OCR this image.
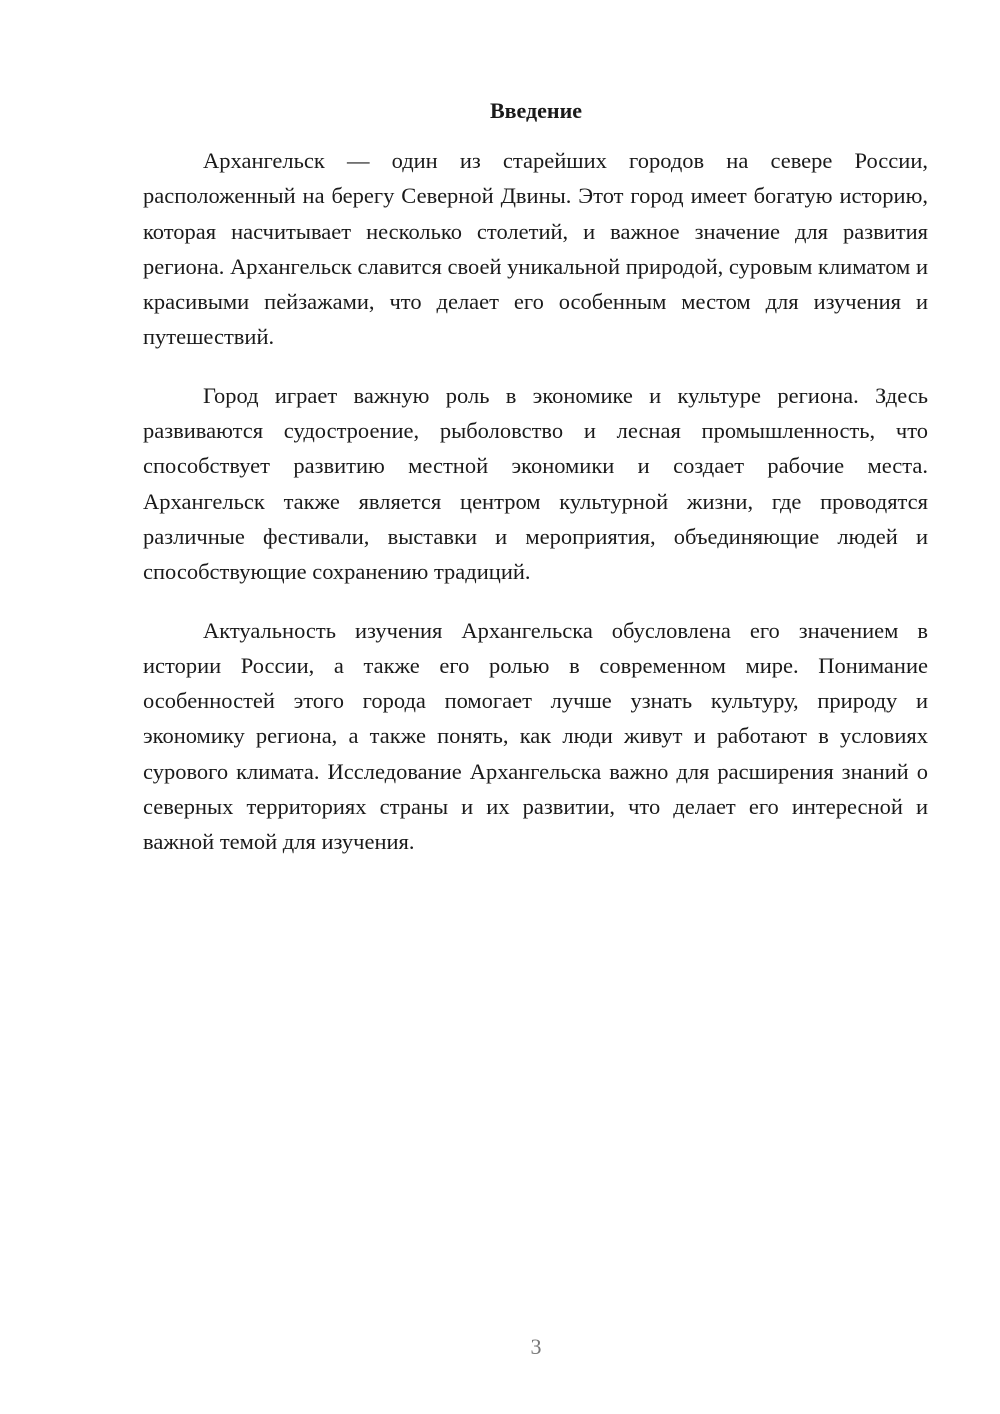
Введение

Архангельск — один из старейших городов на севере России, расположенный на берегу Северной Двины. Этот город имеет богатую историю, которая насчитывает несколько столетий, и важное значение для развития региона. Архангельск славится своей уникальной природой, суровым климатом и красивыми пейзажами, что делает его особенным местом для изучения и путешествий.

Город играет важную роль в экономике и культуре региона. Здесь развиваются судостроение, рыболовство и лесная промышленность, что способствует развитию местной экономики и создает рабочие места. Архангельск также является центром культурной жизни, где проводятся различные фестивали, выставки и мероприятия, объединяющие людей и способствующие сохранению традиций.

Актуальность изучения Архангельска обусловлена его значением в истории России, а также его ролью в современном мире. Понимание особенностей этого города помогает лучше узнать культуру, природу и экономику региона, а также понять, как люди живут и работают в условиях сурового климата. Исследование Архангельска важно для расширения знаний о северных территориях страны и их развитии, что делает его интересной и важной темой для изучения.

3
